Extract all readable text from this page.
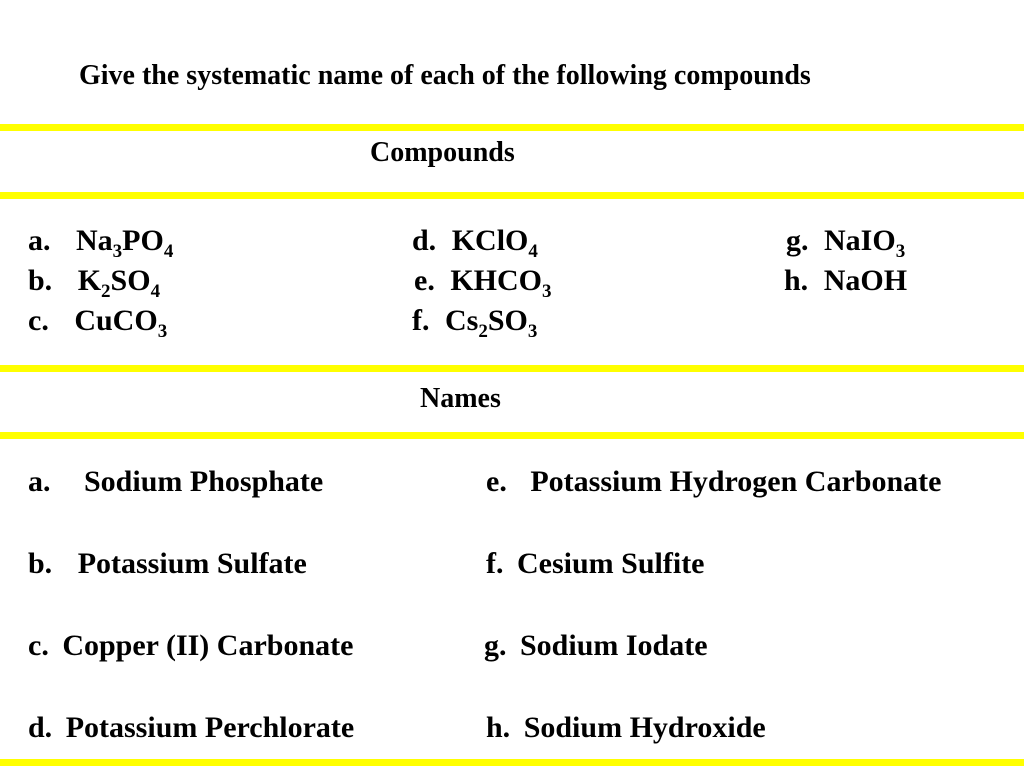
Give the systematic name of each of the following compounds
Compounds
a. $Na_3PO_4$
b. $K_2SO_4$
c. CuCO$_3$
d. KClO$_4$
e. $KHCO_3$
f. $Cs_2SO_3$
g. NaIO$_3$
h. NaOH
Names
a. Sodium Phosphate
b. Potassium Sulfate
c. Copper (II) Carbonate
d. Potassium Perchlorate
e. Potassium Hydrogen Carbonate
f. Cesium Sulfite
g. Sodium Iodate
h. Sodium Hydroxide
